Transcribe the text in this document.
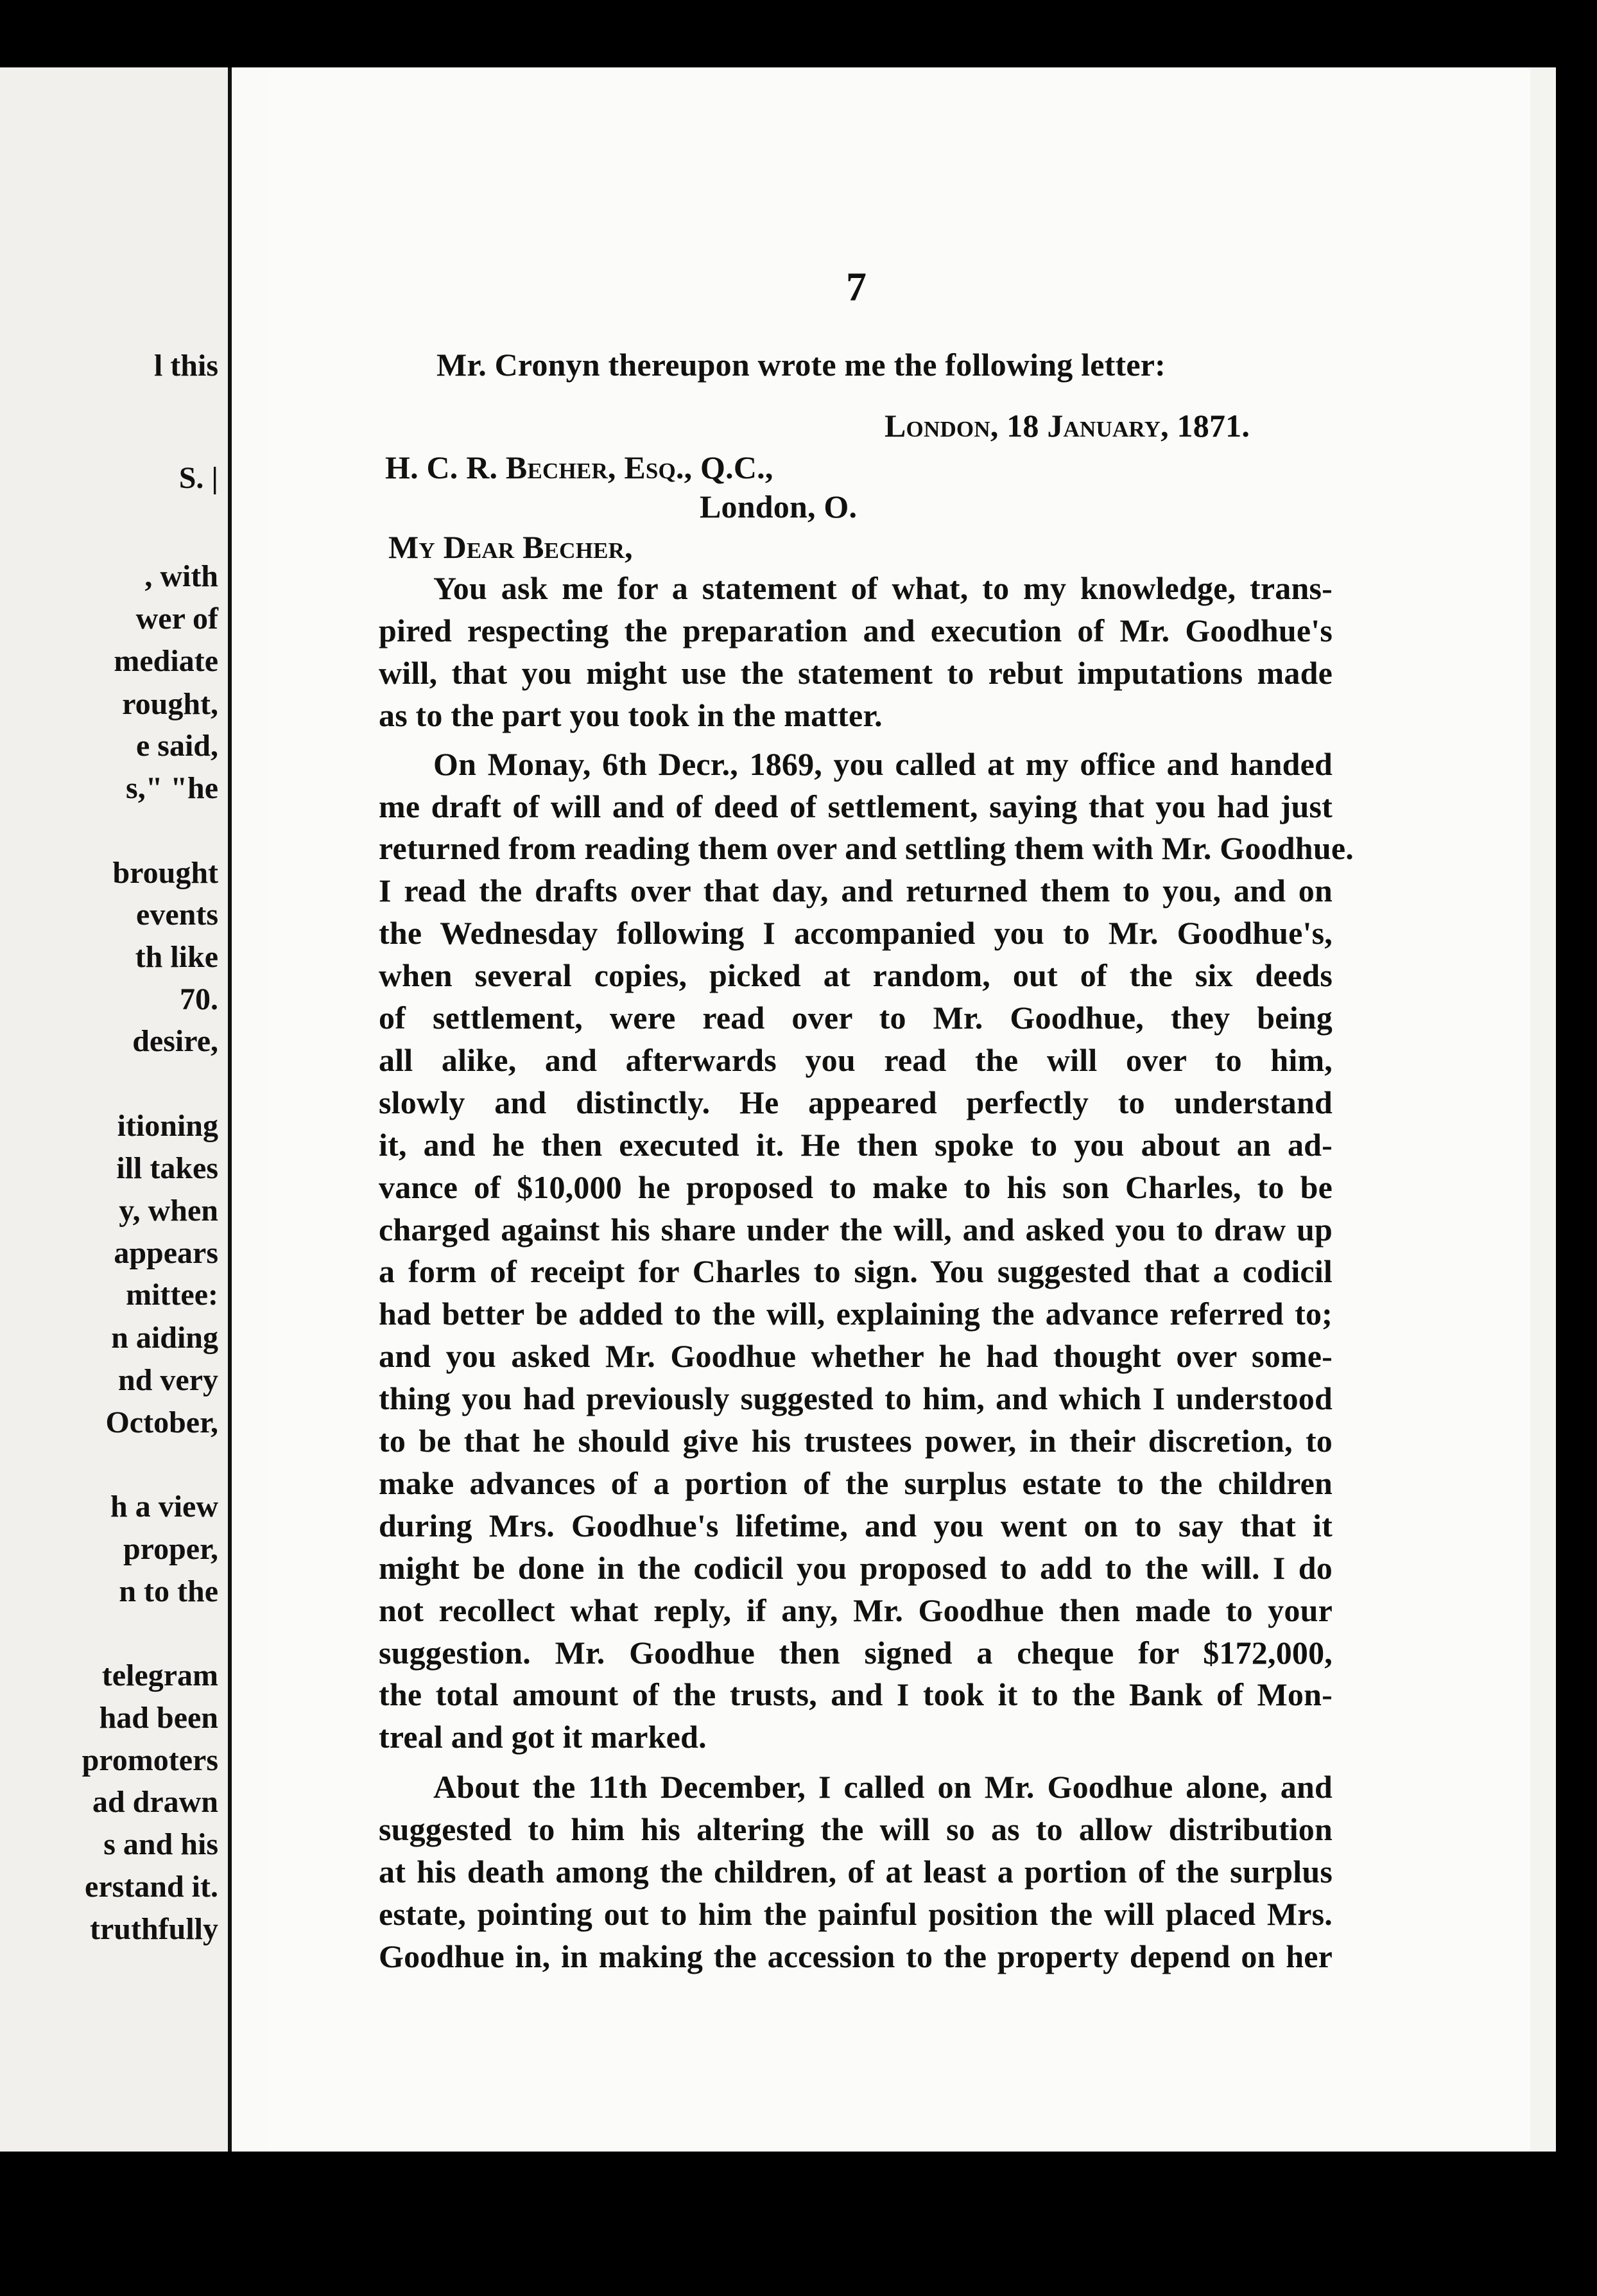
l this
S. |
, with
wer of
mediate
rought,
e said,
s," "he
brought
events
th like
70.
desire,
itioning
ill takes
y, when
appears
mittee:
n aiding
nd very
October,
h a view
proper,
n to the
telegram
had been
promoters
ad drawn
s and his
erstand it.
truthfully
7
Mr. Cronyn thereupon wrote me the following letter:
London, 18 January, 1871.
H. C. R. Becher, Esq., Q.C.,
London, O.
My Dear Becher,
You ask me for a statement of what, to my knowledge, trans-
pired respecting the preparation and execution of Mr. Goodhue's
will, that you might use the statement to rebut imputations made
as to the part you took in the matter.
On Monay, 6th Decr., 1869, you called at my office and handed
me draft of will and of deed of settlement, saying that you had just
returned from reading them over and settling them with Mr. Goodhue.
I read the drafts over that day, and returned them to you, and on
the Wednesday following I accompanied you to Mr. Goodhue's,
when several copies, picked at random, out of the six deeds
of settlement, were read over to Mr. Goodhue, they being
all alike, and afterwards you read the will over to him,
slowly and distinctly. He appeared perfectly to understand
it, and he then executed it. He then spoke to you about an ad-
vance of $10,000 he proposed to make to his son Charles, to be
charged against his share under the will, and asked you to draw up
a form of receipt for Charles to sign. You suggested that a codicil
had better be added to the will, explaining the advance referred to;
and you asked Mr. Goodhue whether he had thought over some-
thing you had previously suggested to him, and which I understood
to be that he should give his trustees power, in their discretion, to
make advances of a portion of the surplus estate to the children
during Mrs. Goodhue's lifetime, and you went on to say that it
might be done in the codicil you proposed to add to the will. I do
not recollect what reply, if any, Mr. Goodhue then made to your
suggestion. Mr. Goodhue then signed a cheque for $172,000,
the total amount of the trusts, and I took it to the Bank of Mon-
treal and got it marked.
About the 11th December, I called on Mr. Goodhue alone, and
suggested to him his altering the will so as to allow distribution
at his death among the children, of at least a portion of the surplus
estate, pointing out to him the painful position the will placed Mrs.
Goodhue in, in making the accession to the property depend on her
